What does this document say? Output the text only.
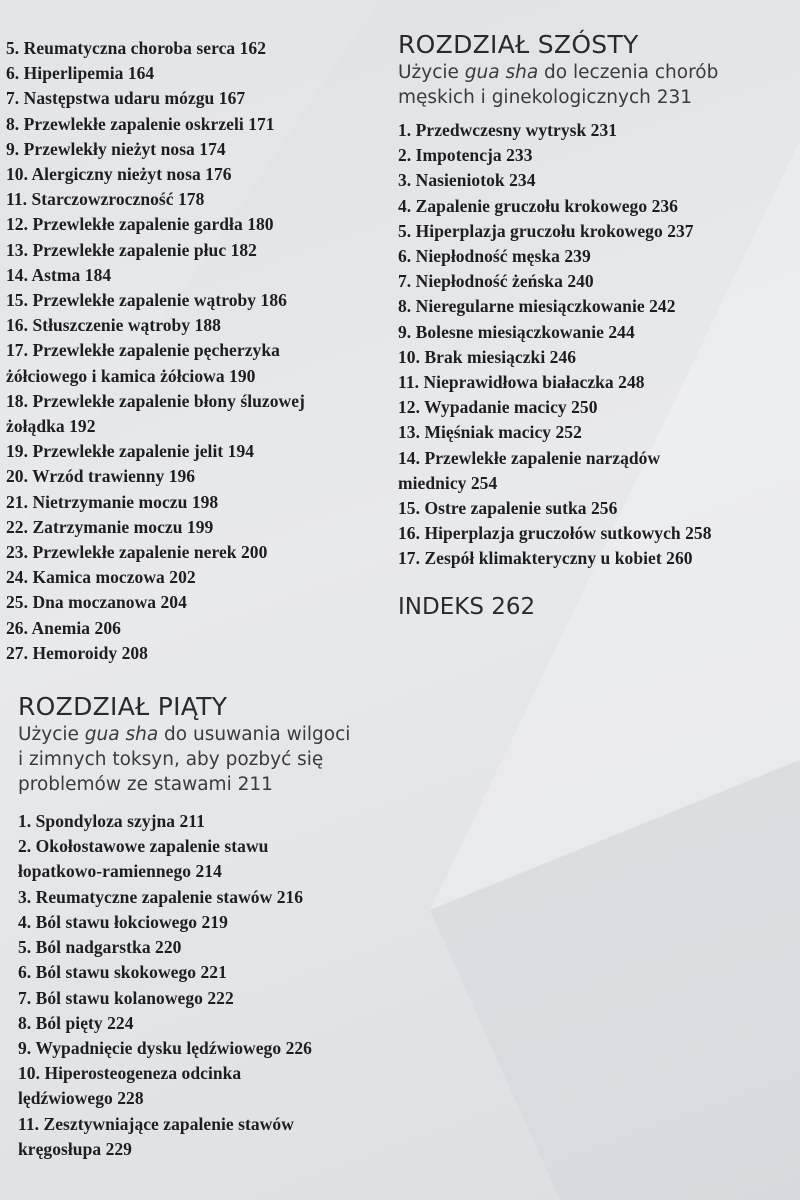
5. Reumatyczna choroba serca 162
6. Hiperlipemia 164
7. Następstwa udaru mózgu 167
8. Przewlekłe zapalenie oskrzeli 171
9. Przewlekły nieżyt nosa 174
10. Alergiczny nieżyt nosa 176
11. Starczowzroczność 178
12. Przewlekłe zapalenie gardła 180
13. Przewlekłe zapalenie płuc 182
14. Astma 184
15. Przewlekłe zapalenie wątroby 186
16. Stłuszczenie wątroby 188
17. Przewlekłe zapalenie pęcherzyka
żółciowego i kamica żółciowa 190
18. Przewlekłe zapalenie błony śluzowej
żołądka 192
19. Przewlekłe zapalenie jelit 194
20. Wrzód trawienny 196
21. Nietrzymanie moczu 198
22. Zatrzymanie moczu 199
23. Przewlekłe zapalenie nerek 200
24. Kamica moczowa 202
25. Dna moczanowa 204
26. Anemia 206
27. Hemoroidy 208
ROZDZIAŁ PIĄTY

Użycie gua sha do usuwania wilgoci
i zimnych toksyn, aby pozbyć się
problemów ze stawami 211

1. Spondyloza szyjna 211
2. Okołostawowe zapalenie stawu
łopatkowo-ramiennego 214
3. Reumatyczne zapalenie stawów 216
4. Ból stawu łokciowego 219
5. Ból nadgarstka 220
6. Ból stawu skokowego 221
7. Ból stawu kolanowego 222
8. Ból pięty 224
9. Wypadnięcie dysku lędźwiowego 226
10. Hiperosteogeneza odcinka
lędźwiowego 228
11. Zesztywniające zapalenie stawów
kręgosłupa 229
ROZDZIAŁ SZÓSTY

Użycie gua sha do leczenia chorób
męskich i ginekologicznych 231

1. Przedwczesny wytrysk 231
2. Impotencja 233
3. Nasieniotok 234
4. Zapalenie gruczołu krokowego 236
5. Hiperplazja gruczołu krokowego 237
6. Niepłodność męska 239
7. Niepłodność żeńska 240
8. Nieregularne miesiączkowanie 242
9. Bolesne miesiączkowanie 244
10. Brak miesiączki 246
11. Nieprawidłowa białaczka 248
12. Wypadanie macicy 250
13. Mięśniak macicy 252
14. Przewlekłe zapalenie narządów
miednicy 254
15. Ostre zapalenie sutka 256
16. Hiperplazja gruczołów sutkowych 258
17. Zespół klimakteryczny u kobiet 260
INDEKS 262
